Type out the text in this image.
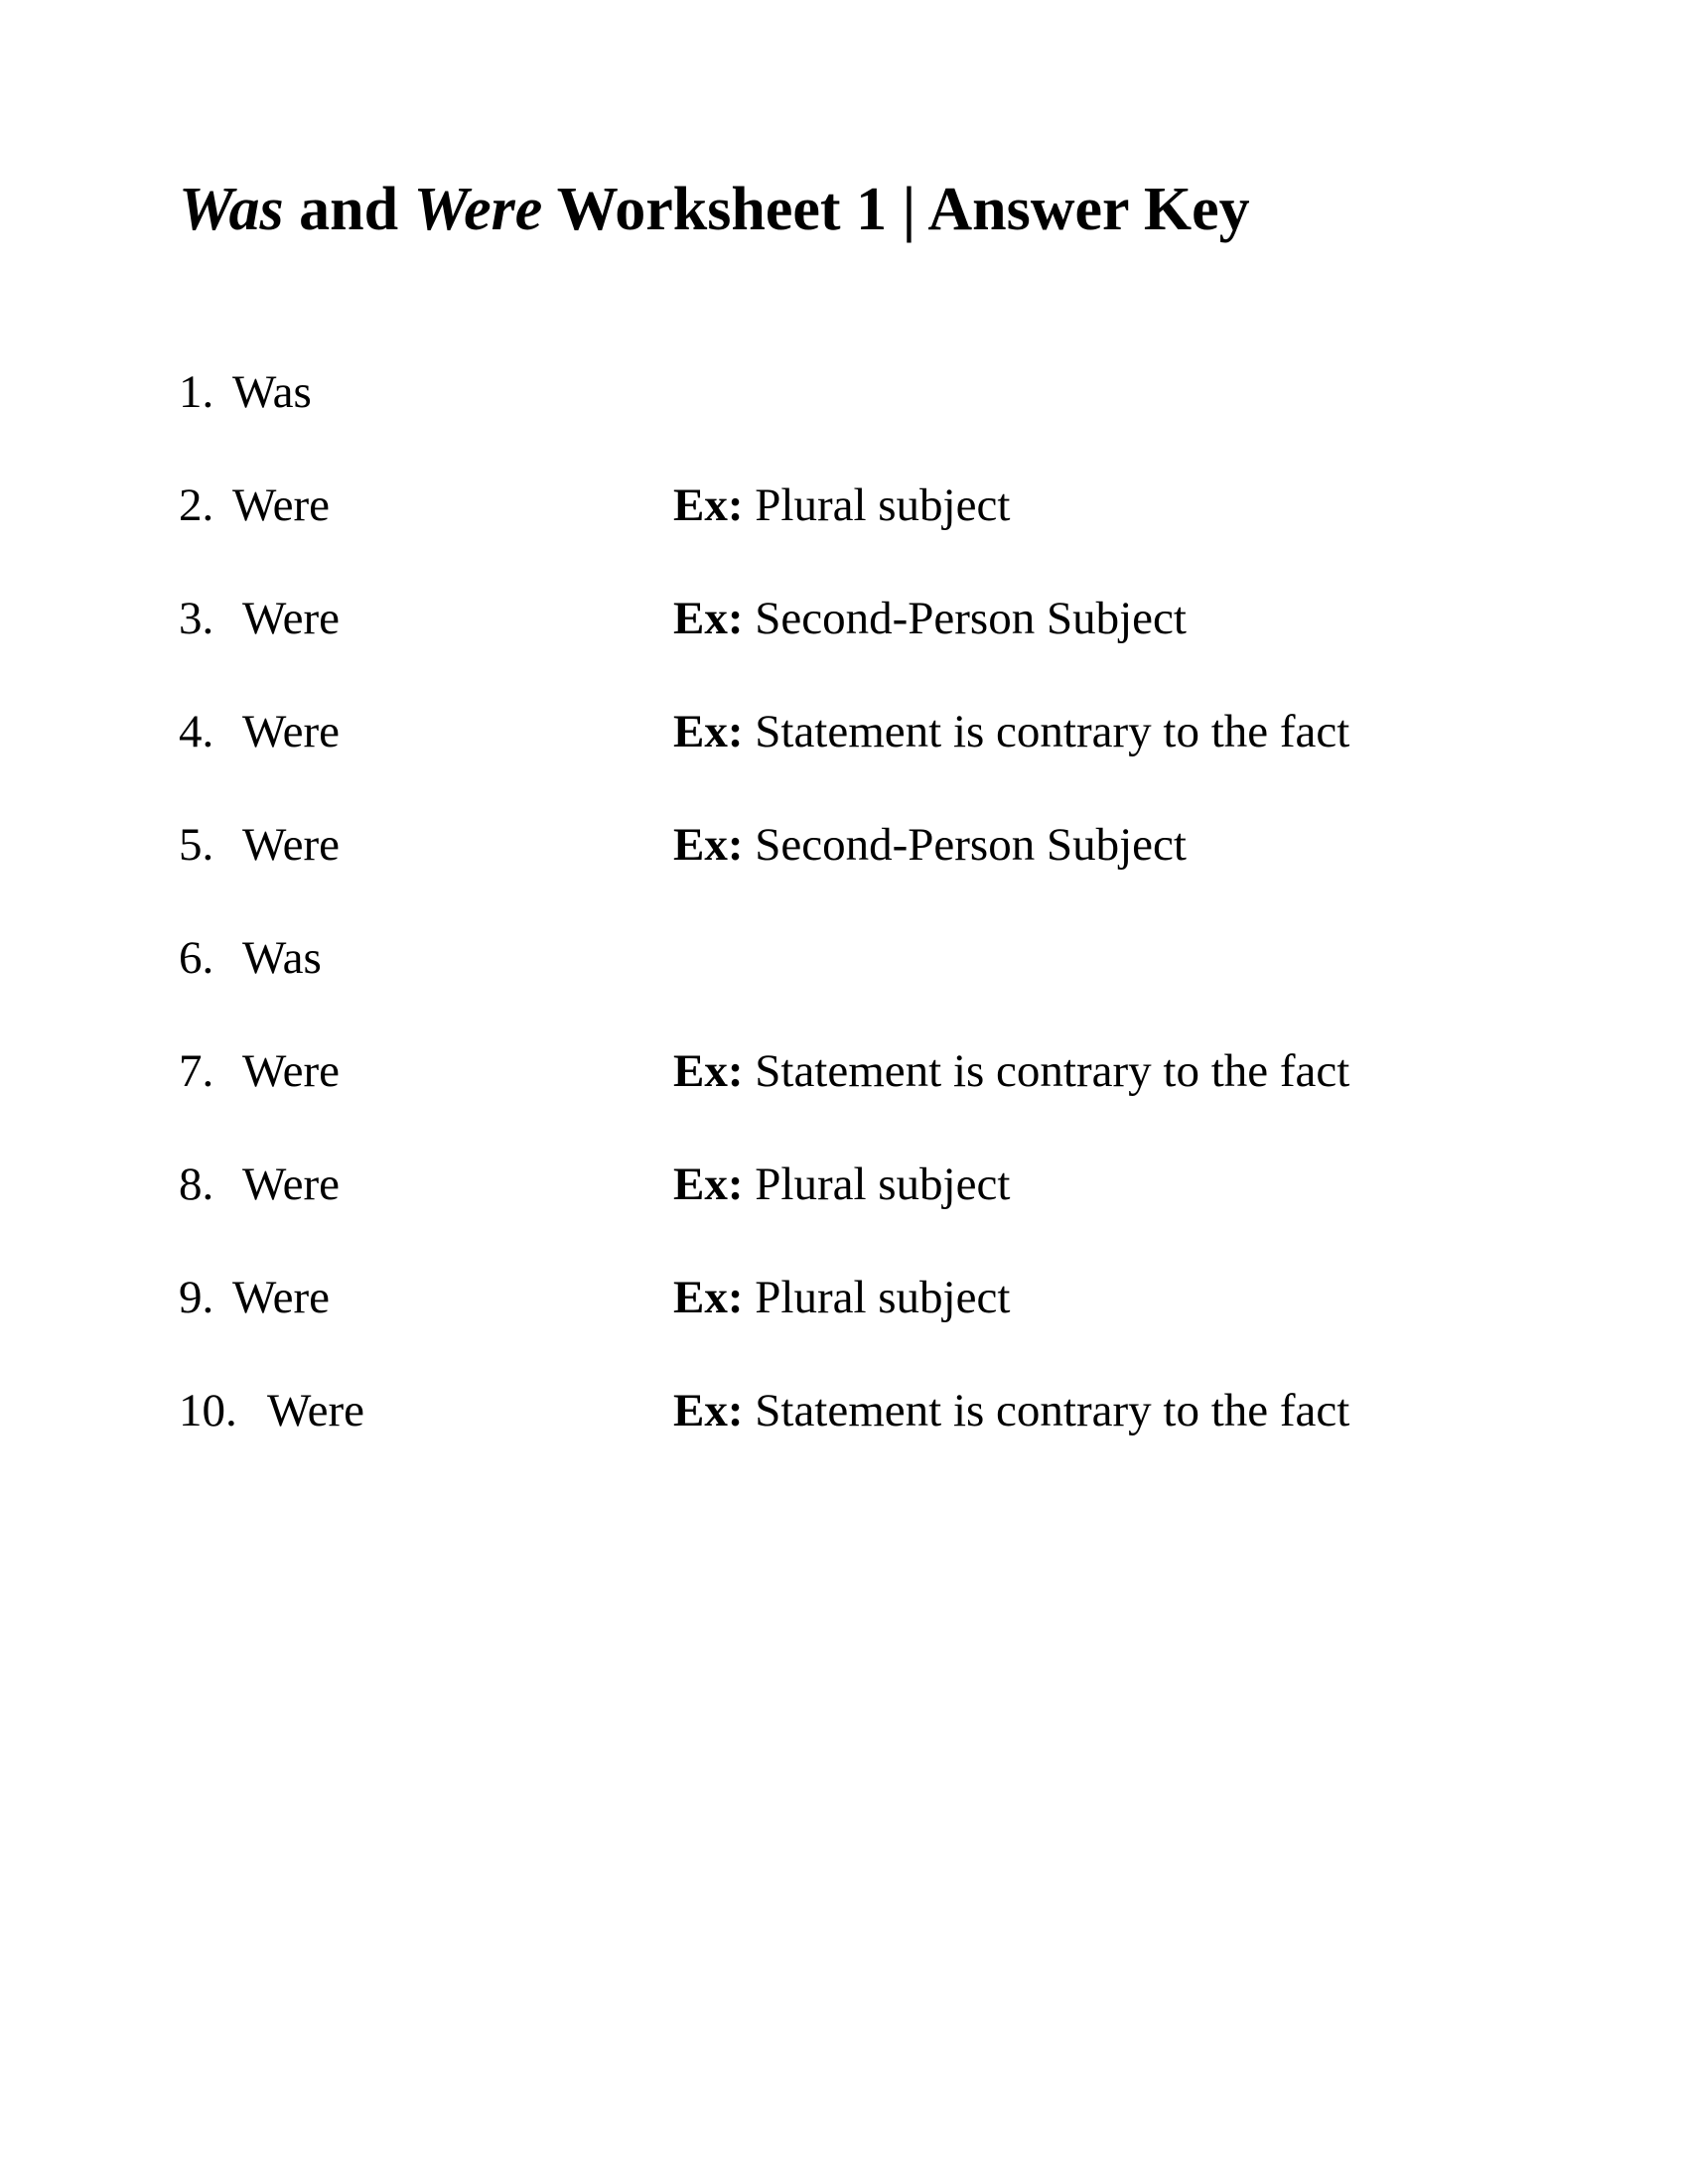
Was and Were Worksheet 1 | Answer Key
1. Was
2. Were	Ex: Plural subject
3. Were	Ex: Second-Person Subject
4. Were	Ex: Statement is contrary to the fact
5. Were	Ex: Second-Person Subject
6. Was
7. Were	Ex: Statement is contrary to the fact
8. Were	Ex: Plural subject
9. Were	Ex: Plural subject
10. Were	Ex: Statement is contrary to the fact
